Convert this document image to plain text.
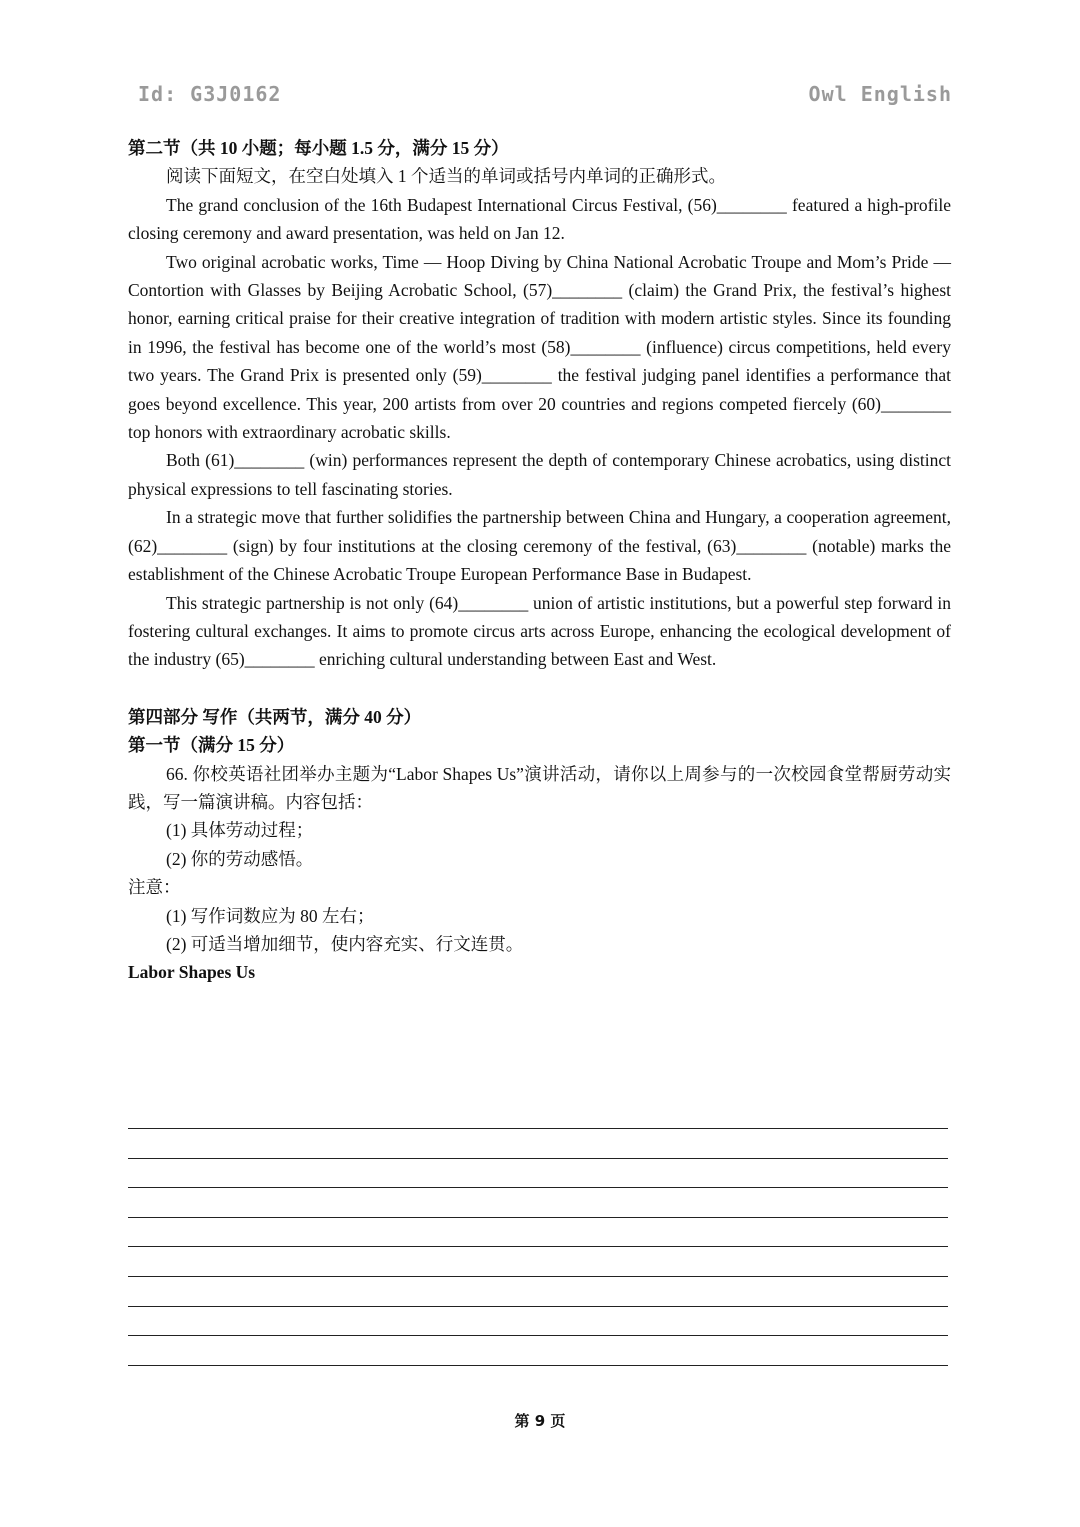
Id: G3J0162	Owl English

第二节（共 10 小题；每小题 1.5 分，满分 15 分）

阅读下面短文，在空白处填入 1 个适当的单词或括号内单词的正确形式。

The grand conclusion of the 16th Budapest International Circus Festival, (56)________ featured a high-profile closing ceremony and award presentation, was held on Jan 12.

Two original acrobatic works, Time — Hoop Diving by China National Acrobatic Troupe and Mom’s Pride — Contortion with Glasses by Beijing Acrobatic School, (57)________ (claim) the Grand Prix, the festival’s highest honor, earning critical praise for their creative integration of tradition with modern artistic styles. Since its founding in 1996, the festival has become one of the world’s most (58)________ (influence) circus competitions, held every two years. The Grand Prix is presented only (59)________ the festival judging panel identifies a performance that goes beyond excellence. This year, 200 artists from over 20 countries and regions competed fiercely (60)________ top honors with extraordinary acrobatic skills.

Both (61)________ (win) performances represent the depth of contemporary Chinese acrobatics, using distinct physical expressions to tell fascinating stories.

In a strategic move that further solidifies the partnership between China and Hungary, a cooperation agreement, (62)________ (sign) by four institutions at the closing ceremony of the festival, (63)________ (notable) marks the establishment of the Chinese Acrobatic Troupe European Performance Base in Budapest.

This strategic partnership is not only (64)________ union of artistic institutions, but a powerful step forward in fostering cultural exchanges. It aims to promote circus arts across Europe, enhancing the ecological development of the industry (65)________ enriching cultural understanding between East and West.

第四部分 写作（共两节，满分 40 分）

第一节（满分 15 分）

66. 你校英语社团举办主题为“Labor Shapes Us”演讲活动，请你以上周参与的一次校园食堂帮厨劳动实践，写一篇演讲稿。内容包括：

(1) 具体劳动过程；

(2) 你的劳动感悟。

注意：

(1) 写作词数应为 80 左右；

(2) 可适当增加细节，使内容充实、行文连贯。

Labor Shapes Us

第 9 页
